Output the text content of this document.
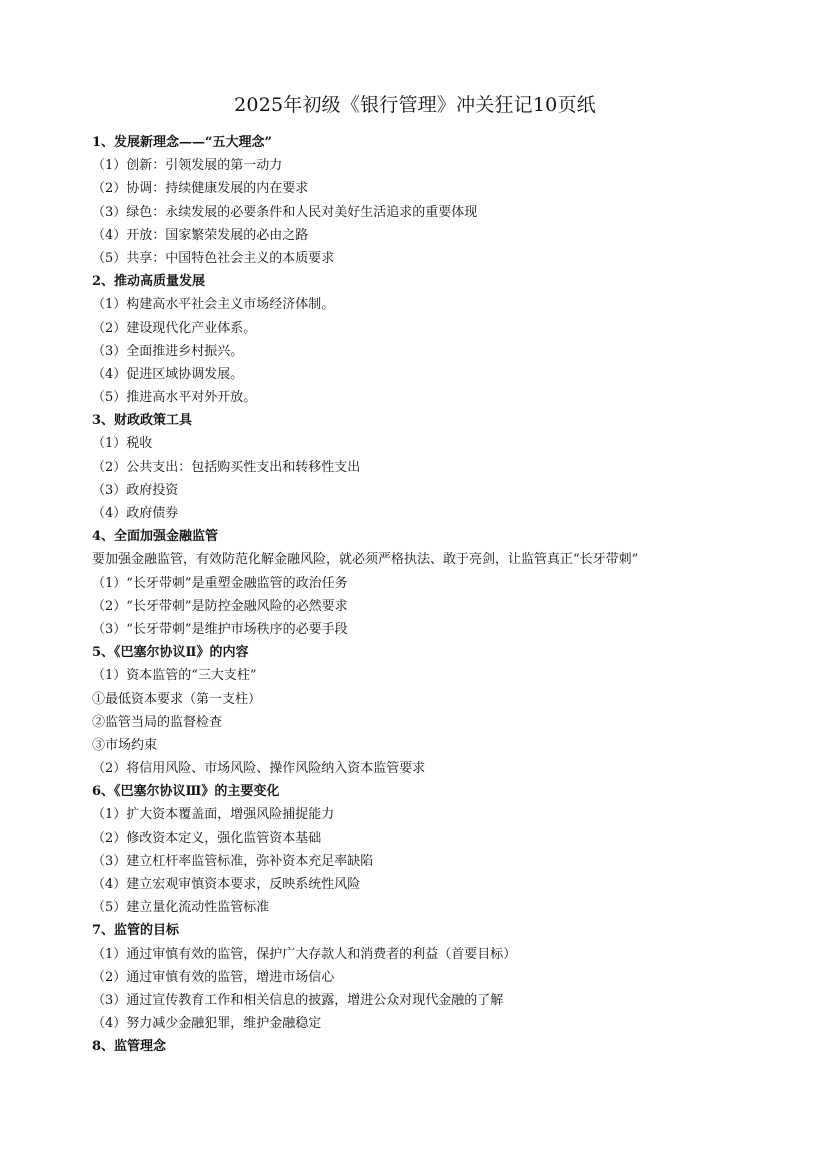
2025年初级《银行管理》冲关狂记10页纸
1、发展新理念——“五大理念”
（1）创新：引领发展的第一动力
（2）协调：持续健康发展的内在要求
（3）绿色：永续发展的必要条件和人民对美好生活追求的重要体现
（4）开放：国家繁荣发展的必由之路
（5）共享：中国特色社会主义的本质要求
2、推动高质量发展
（1）构建高水平社会主义市场经济体制。
（2）建设现代化产业体系。
（3）全面推进乡村振兴。
（4）促进区域协调发展。
（5）推进高水平对外开放。
3、财政政策工具
（1）税收
（2）公共支出：包括购买性支出和转移性支出
（3）政府投资
（4）政府债券
4、全面加强金融监管
要加强金融监管，有效防范化解金融风险，就必须严格执法、敢于亮剑，让监管真正“长牙带刺”
（1）“长牙带刺”是重塑金融监管的政治任务
（2）“长牙带刺”是防控金融风险的必然要求
（3）“长牙带刺”是维护市场秩序的必要手段
5、《巴塞尔协议Ⅱ》的内容
（1）资本监管的“三大支柱”
①最低资本要求（第一支柱）
②监管当局的监督检查
③市场约束
（2）将信用风险、市场风险、操作风险纳入资本监管要求
6、《巴塞尔协议Ⅲ》的主要变化
（1）扩大资本覆盖面，增强风险捕捉能力
（2）修改资本定义，强化监管资本基础
（3）建立杠杆率监管标准，弥补资本充足率缺陷
（4）建立宏观审慎资本要求，反映系统性风险
（5）建立量化流动性监管标准
7、监管的目标
（1）通过审慎有效的监管，保护广大存款人和消费者的利益（首要目标）
（2）通过审慎有效的监管，增进市场信心
（3）通过宣传教育工作和相关信息的披露，增进公众对现代金融的了解
（4）努力减少金融犯罪，维护金融稳定
8、监管理念
